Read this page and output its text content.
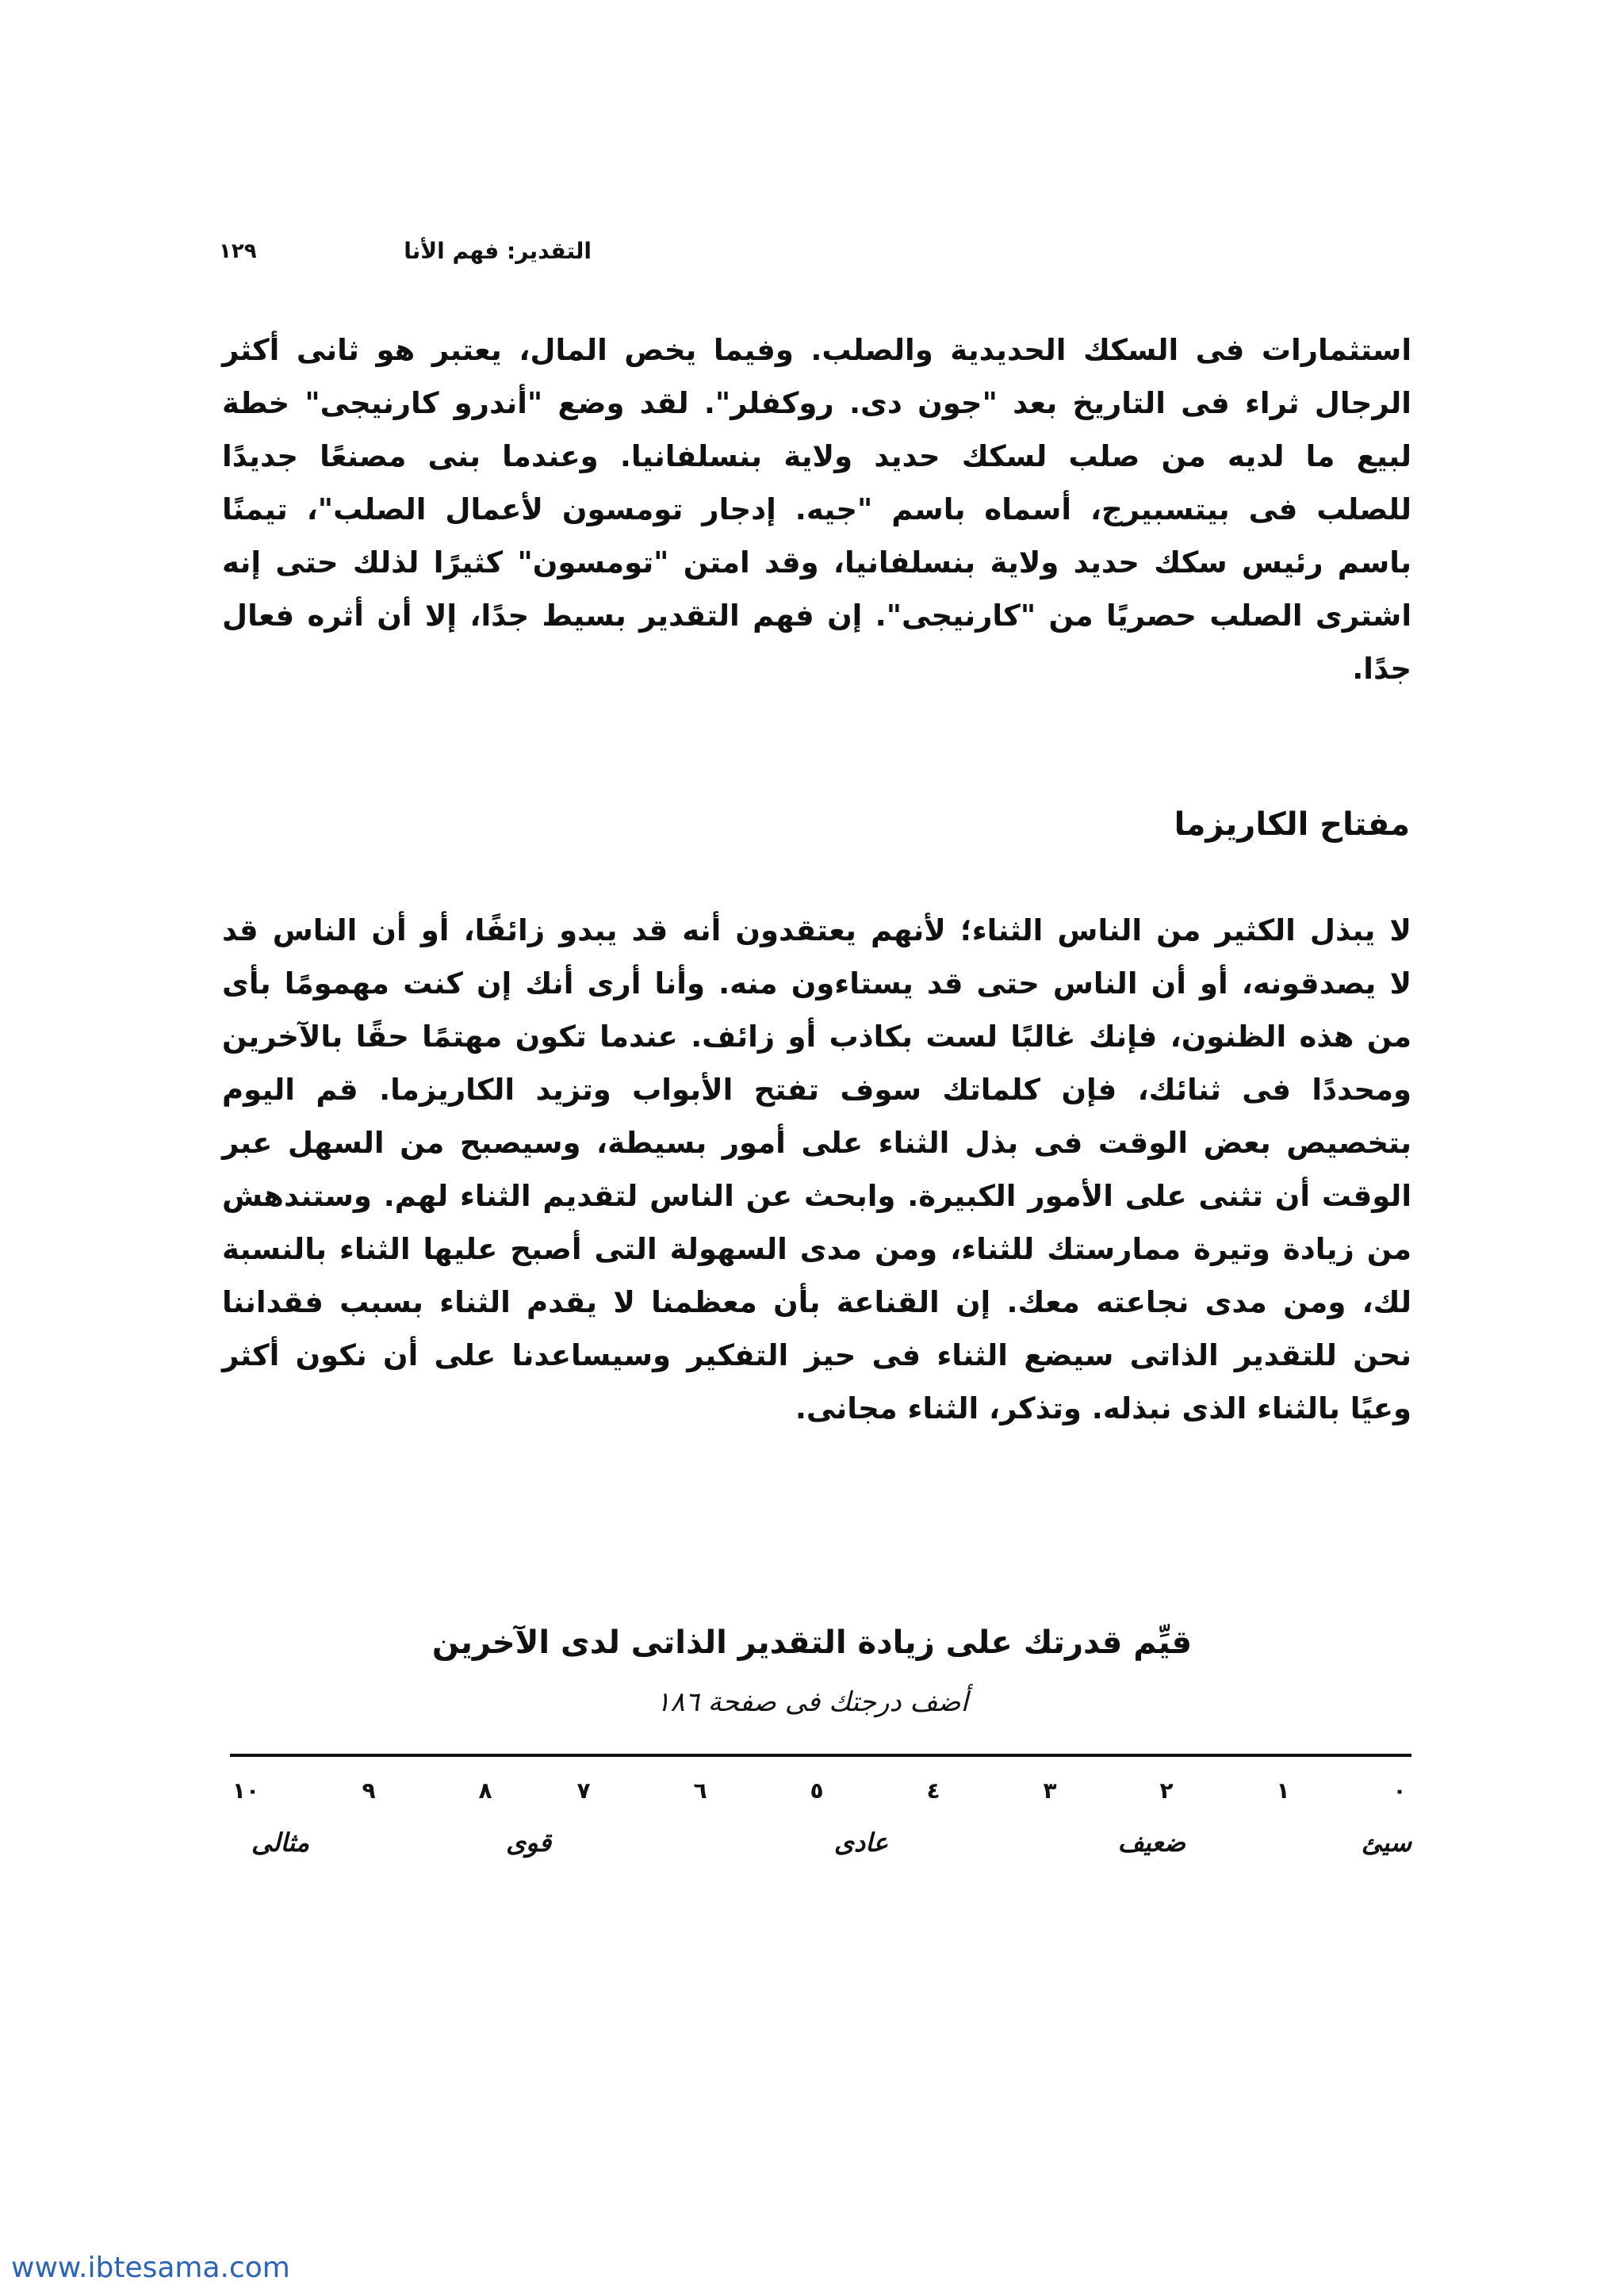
التقدير: فهم الأنا
١٢٩
استثمارات فى السكك الحديدية والصلب. وفيما يخص المال، يعتبر هو ثانى أكثر
الرجال ثراء فى التاريخ بعد "جون دى. روكفلر". لقد وضع "أندرو كارنيجى" خطة
لبيع ما لديه من صلب لسكك حديد ولاية بنسلفانيا. وعندما بنى مصنعًا جديدًا
للصلب فى بيتسبيرج، أسماه باسم "جيه. إدجار تومسون لأعمال الصلب"، تيمنًا
باسم رئيس سكك حديد ولاية بنسلفانيا، وقد امتن "تومسون" كثيرًا لذلك حتى إنه
اشترى الصلب حصريًا من "كارنيجى". إن فهم التقدير بسيط جدًا، إلا أن أثره فعال
جدًا.
مفتاح الكاريزما
لا يبذل الكثير من الناس الثناء؛ لأنهم يعتقدون أنه قد يبدو زائفًا، أو أن الناس قد
لا يصدقونه، أو أن الناس حتى قد يستاءون منه. وأنا أرى أنك إن كنت مهمومًا بأى
من هذه الظنون، فإنك غالبًا لست بكاذب أو زائف. عندما تكون مهتمًا حقًا بالآخرين
ومحددًا فى ثنائك، فإن كلماتك سوف تفتح الأبواب وتزيد الكاريزما. قم اليوم
بتخصيص بعض الوقت فى بذل الثناء على أمور بسيطة، وسيصبح من السهل عبر
الوقت أن تثنى على الأمور الكبيرة. وابحث عن الناس لتقديم الثناء لهم. وستندهش
من زيادة وتيرة ممارستك للثناء، ومن مدى السهولة التى أصبح عليها الثناء بالنسبة
لك، ومن مدى نجاعته معك. إن القناعة بأن معظمنا لا يقدم الثناء بسبب فقداننا
نحن للتقدير الذاتى سيضع الثناء فى حيز التفكير وسيساعدنا على أن نكون أكثر
وعيًا بالثناء الذى نبذله. وتذكر، الثناء مجانى.
قيِّم قدرتك على زيادة التقدير الذاتى لدى الآخرين
أضف درجتك فى صفحة ١٨٦
٠
١
٢
٣
٤
٥
٦
٧
٨
٩
١٠
سيئ
ضعيف
عادى
قوى
مثالى
www.ibtesama.com
